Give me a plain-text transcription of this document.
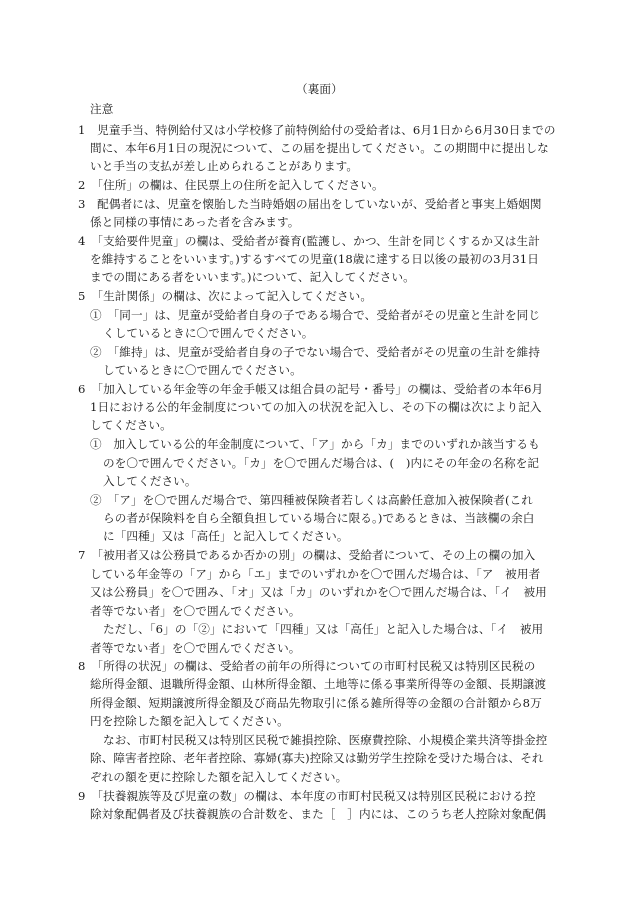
（裏面）
注意
1　児童手当、特例給付又は小学校修了前特例給付の受給者は、6月1日から6月30日までの
間に、本年6月1日の現況について、この届を提出してください。この期間中に提出しな
いと手当の支払が差し止められることがあります。
2　「住所」の欄は、住民票上の住所を記入してください。
3　配偶者には、児童を懐胎した当時婚姻の届出をしていないが、受給者と事実上婚姻関
係と同様の事情にあった者を含みます。
4　「支給要件児童」の欄は、受給者が養育(監護し、かつ、生計を同じくするか又は生計
を維持することをいいます。)するすべての児童(18歳に達する日以後の最初の3月31日
までの間にある者をいいます。)について、記入してください。
5　「生計関係」の欄は、次によって記入してください。
①　「同一」は、児童が受給者自身の子である場合で、受給者がその児童と生計を同じ
くしているときに〇で囲んでください。
②　「維持」は、児童が受給者自身の子でない場合で、受給者がその児童の生計を維持
しているときに〇で囲んでください。
6　「加入している年金等の年金手帳又は組合員の記号・番号」の欄は、受給者の本年6月
1日における公的年金制度についての加入の状況を記入し、その下の欄は次により記入
してください。
①　加入している公的年金制度について、「ア」から「カ」までのいずれか該当するも
のを〇で囲んでください。「カ」を〇で囲んだ場合は、(　)内にその年金の名称を記
入してください。
②　「ア」を〇で囲んだ場合で、第四種被保険者若しくは高齢任意加入被保険者(これ
らの者が保険料を自ら全額負担している場合に限る。)であるときは、当該欄の余白
に「四種」又は「高任」と記入してください。
7　「被用者又は公務員であるか否かの別」の欄は、受給者について、その上の欄の加入
している年金等の「ア」から「エ」までのいずれかを〇で囲んだ場合は、「ア　被用者
又は公務員」を〇で囲み、「オ」又は「カ」のいずれかを〇で囲んだ場合は、「イ　被用
者等でない者」を〇で囲んでください。
ただし、「6」の「②」において「四種」又は「高任」と記入した場合は、「イ　被用
者等でない者」を〇で囲んでください。
8　「所得の状況」の欄は、受給者の前年の所得についての市町村民税又は特別区民税の
総所得金額、退職所得金額、山林所得金額、土地等に係る事業所得等の金額、長期譲渡
所得金額、短期譲渡所得金額及び商品先物取引に係る雑所得等の金額の合計額から8万
円を控除した額を記入してください。
なお、市町村民税又は特別区民税で雑損控除、医療費控除、小規模企業共済等掛金控
除、障害者控除、老年者控除、寡婦(寡夫)控除又は勤労学生控除を受けた場合は、それ
ぞれの額を更に控除した額を記入してください。
9　「扶養親族等及び児童の数」の欄は、本年度の市町村民税又は特別区民税における控
除対象配偶者及び扶養親族の合計数を、また［　］内には、このうち老人控除対象配偶
